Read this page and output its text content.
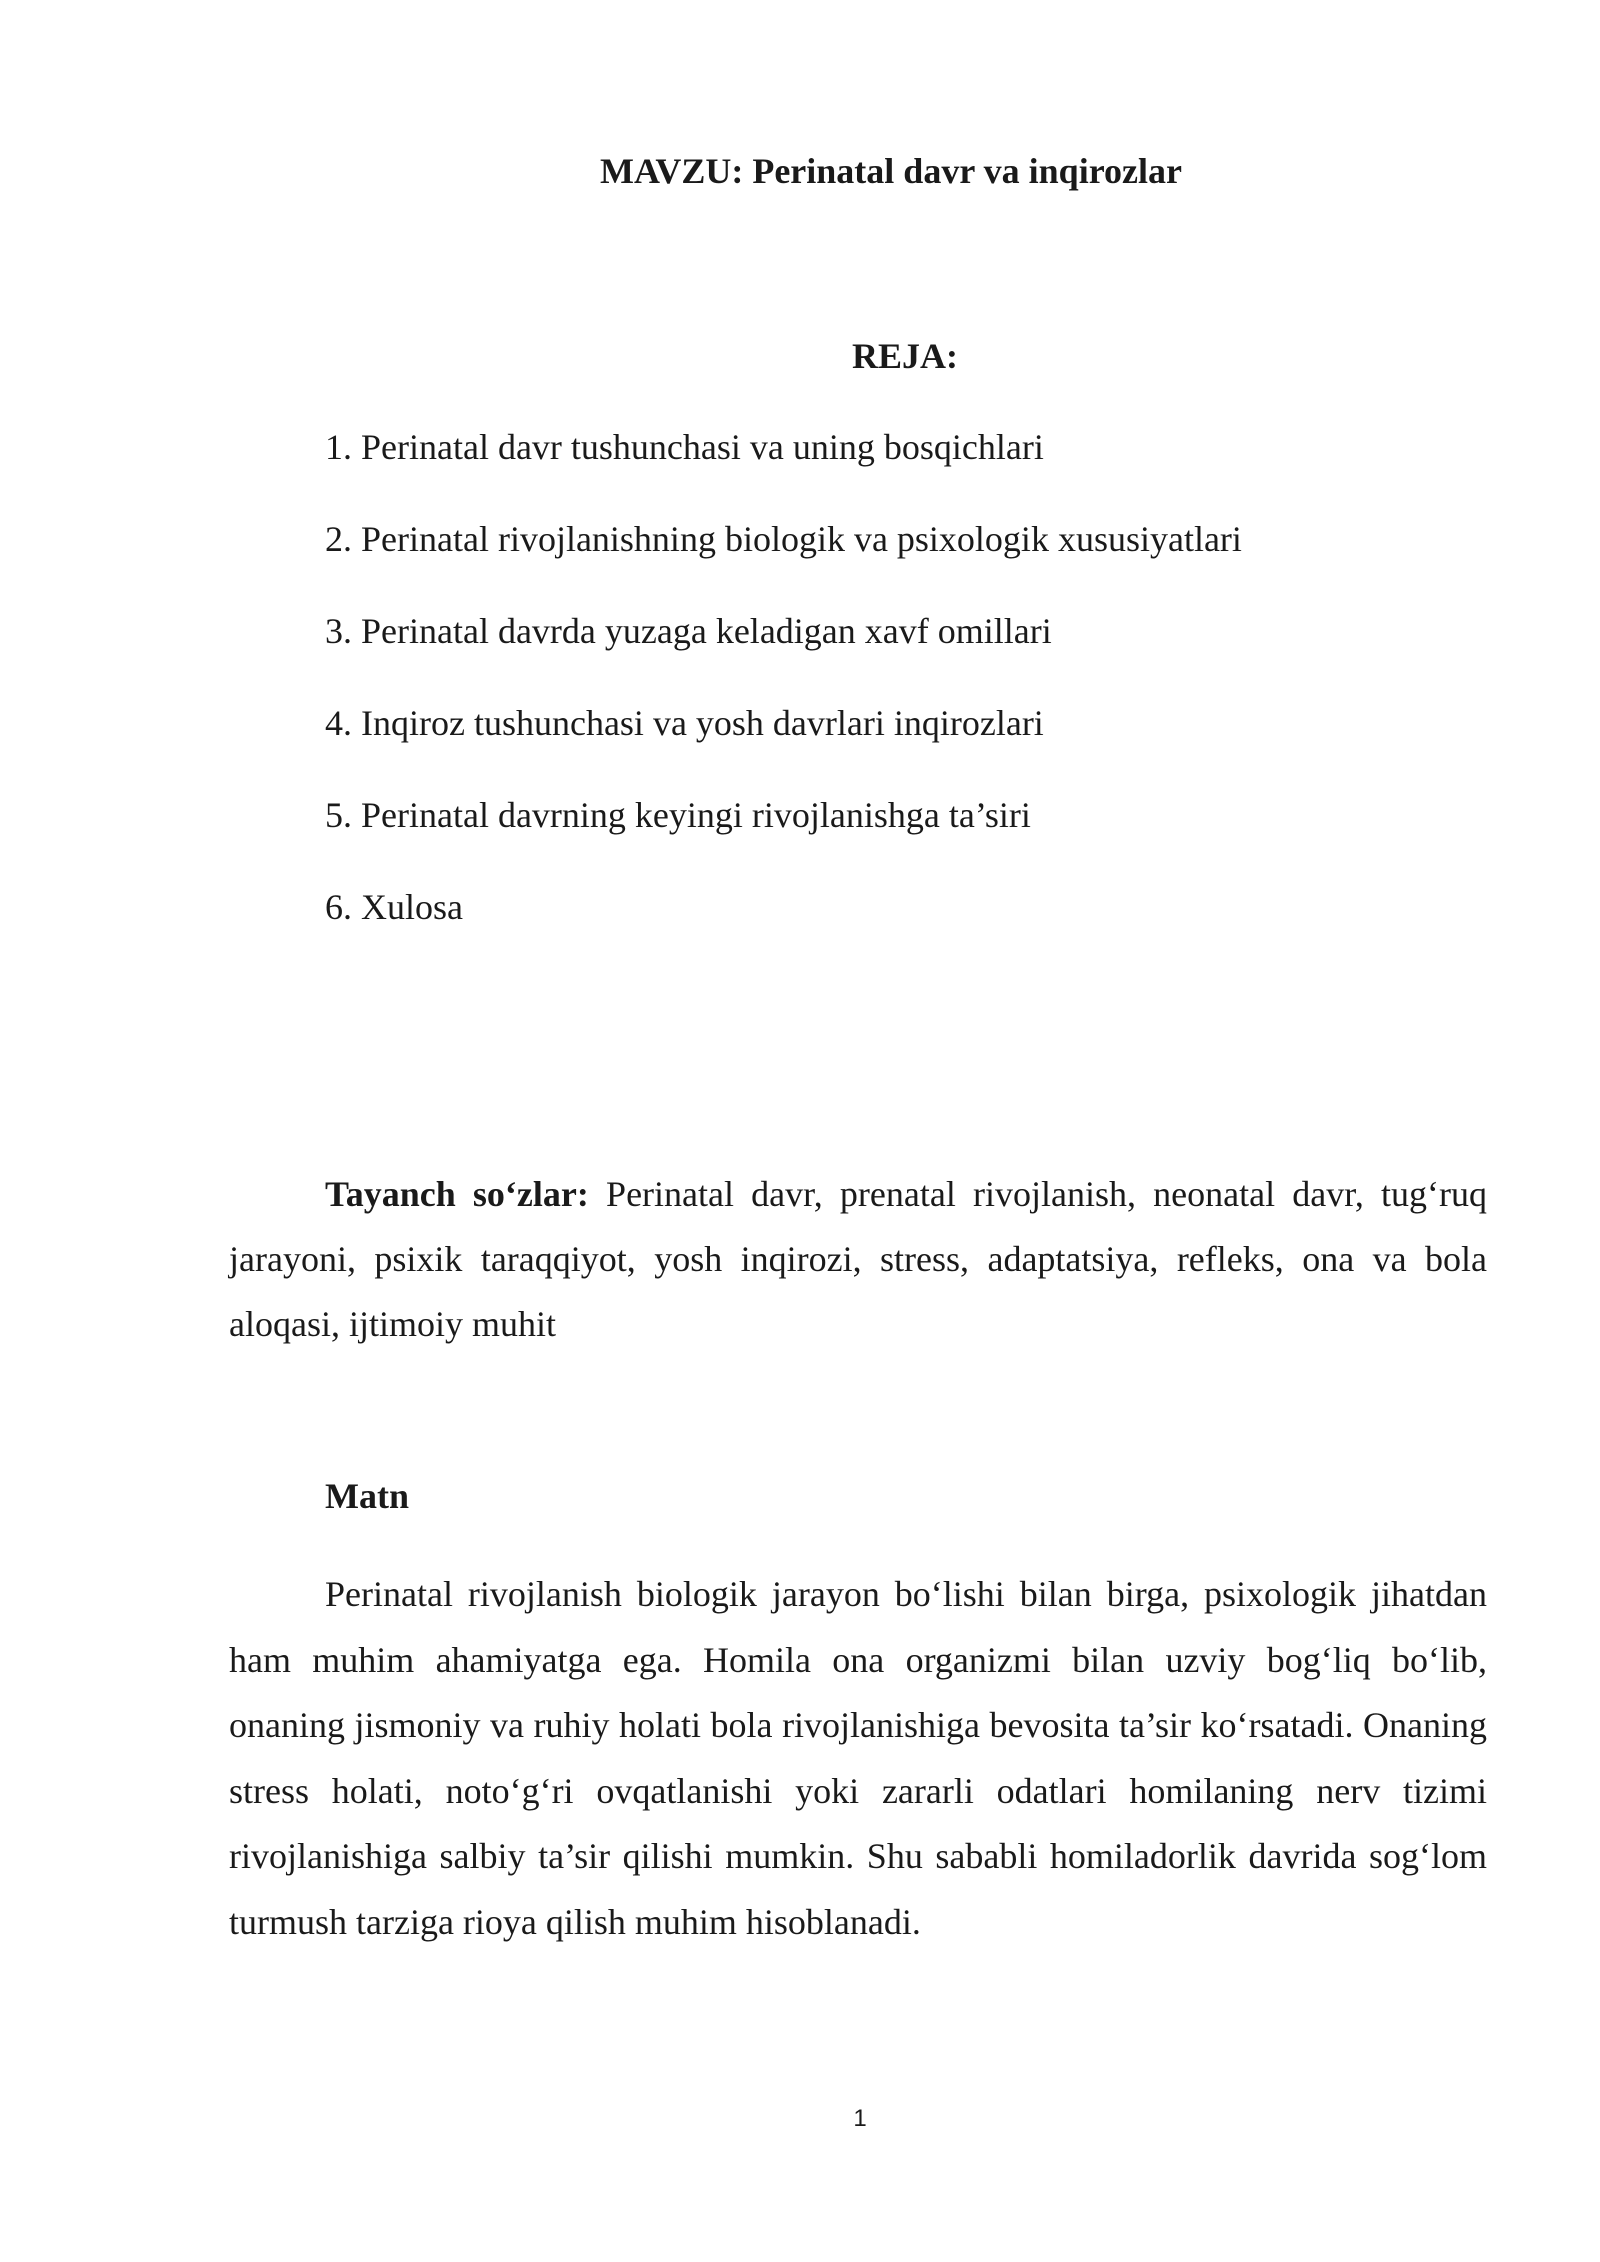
MAVZU: Perinatal davr va inqirozlar
REJA:
1. Perinatal davr tushunchasi va uning bosqichlari
2. Perinatal rivojlanishning biologik va psixologik xususiyatlari
3. Perinatal davrda yuzaga keladigan xavf omillari
4. Inqiroz tushunchasi va yosh davrlari inqirozlari
5. Perinatal davrning keyingi rivojlanishga ta’siri
6. Xulosa

Tayanch so‘zlar: Perinatal davr, prenatal rivojlanish, neonatal davr, tug‘ruq jarayoni, psixik taraqqiyot, yosh inqirozi, stress, adaptatsiya, refleks, ona va bola aloqasi, ijtimoiy muhit

Matn

Perinatal rivojlanish biologik jarayon bo‘lishi bilan birga, psixologik jihatdan ham muhim ahamiyatga ega. Homila ona organizmi bilan uzviy bog‘liq bo‘lib, onaning jismoniy va ruhiy holati bola rivojlanishiga bevosita ta’sir ko‘rsatadi. Onaning stress holati, noto‘g‘ri ovqatlanishi yoki zararli odatlari homilaning nerv tizimi rivojlanishiga salbiy ta’sir qilishi mumkin. Shu sababli homiladorlik davrida sog‘lom turmush tarziga rioya qilish muhim hisoblanadi.

1
